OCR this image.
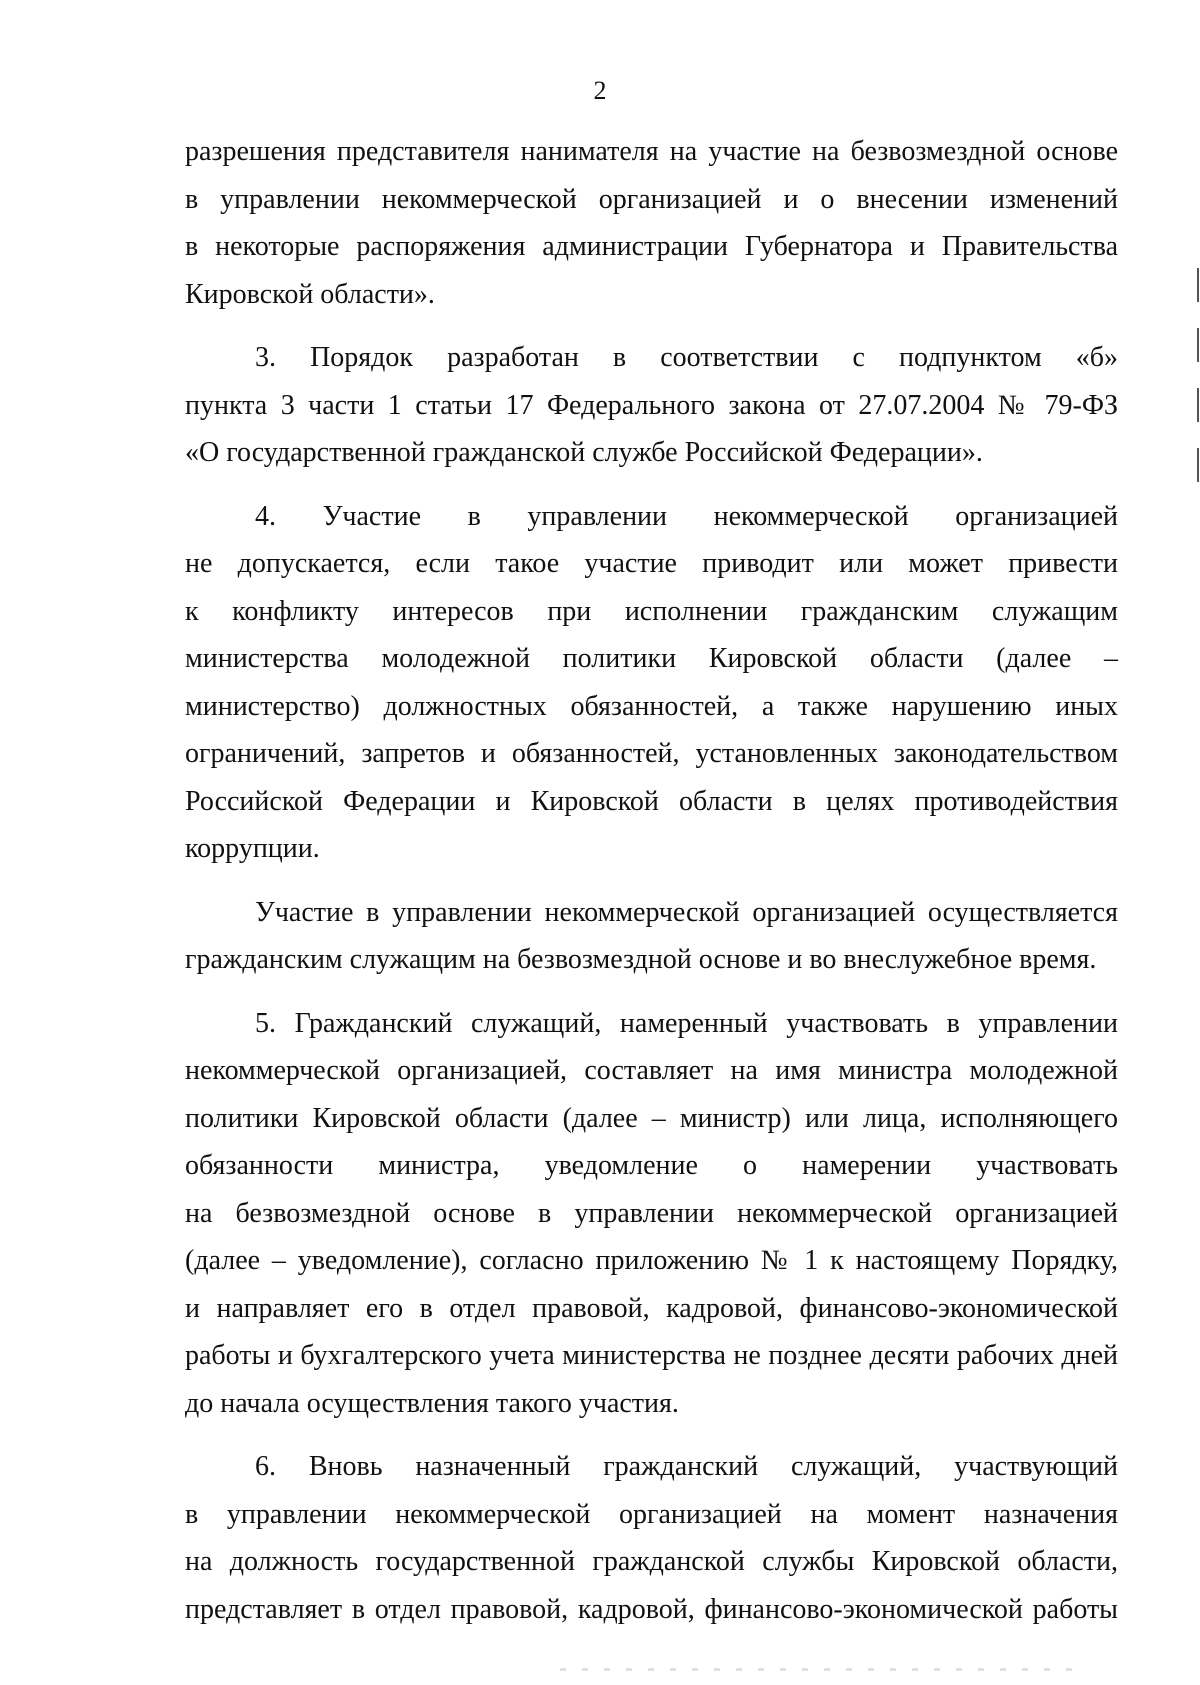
2
разрешения представителя нанимателя на участие на безвозмездной основе
в управлении некоммерческой организацией и о внесении изменений
в некоторые распоряжения администрации Губернатора и Правительства
Кировской области».
3. Порядок разработан в соответствии с подпунктом «б»
пункта 3 части 1 статьи 17 Федерального закона от 27.07.2004 № 79-ФЗ
«О государственной гражданской службе Российской Федерации».
4. Участие в управлении некоммерческой организацией
не допускается, если такое участие приводит или может привести
к конфликту интересов при исполнении гражданским служащим
министерства молодежной политики Кировской области (далее –
министерство) должностных обязанностей, а также нарушению иных
ограничений, запретов и обязанностей, установленных законодательством
Российской Федерации и Кировской области в целях противодействия
коррупции.
Участие в управлении некоммерческой организацией осуществляется
гражданским служащим на безвозмездной основе и во внеслужебное время.
5. Гражданский служащий, намеренный участвовать в управлении
некоммерческой организацией, составляет на имя министра молодежной
политики Кировской области (далее – министр) или лица, исполняющего
обязанности министра, уведомление о намерении участвовать
на безвозмездной основе в управлении некоммерческой организацией
(далее – уведомление), согласно приложению № 1 к настоящему Порядку,
и направляет его в отдел правовой, кадровой, финансово-экономической
работы и бухгалтерского учета министерства не позднее десяти рабочих дней
до начала осуществления такого участия.
6. Вновь назначенный гражданский служащий, участвующий
в управлении некоммерческой организацией на момент назначения
на должность государственной гражданской службы Кировской области,
представляет в отдел правовой, кадровой, финансово-экономической работы
